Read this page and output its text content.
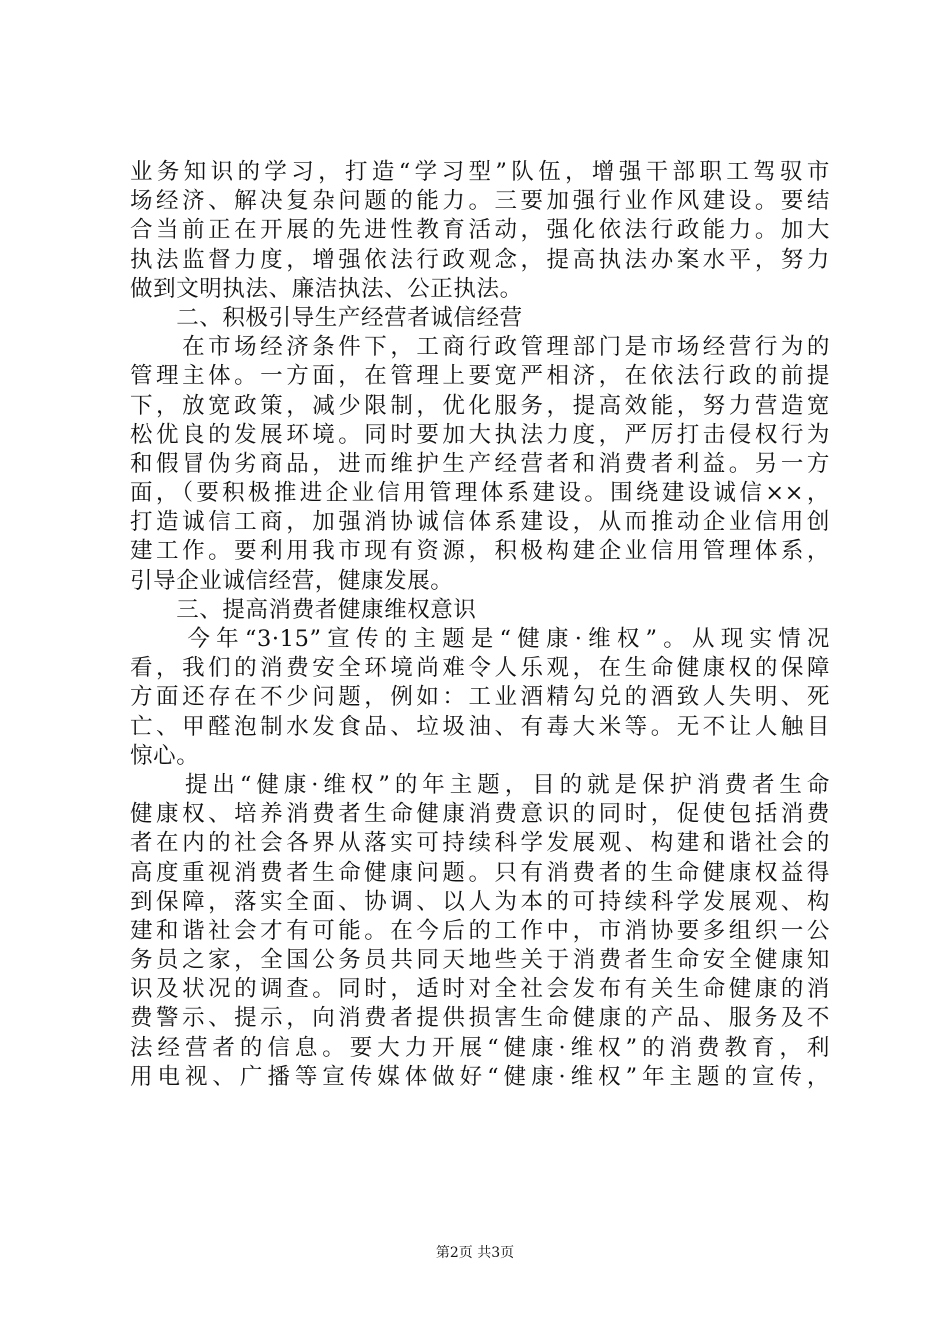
业务知识的学习，打造“学习型”队伍，增强干部职工驾驭市
场经济、解决复杂问题的能力。三要加强行业作风建设。要结
合当前正在开展的先进性教育活动，强化依法行政能力。加大
执法监督力度，增强依法行政观念，提高执法办案水平，努力
做到文明执法、廉洁执法、公正执法。
　　二、积极引导生产经营者诚信经营
　　在市场经济条件下，工商行政管理部门是市场经营行为的
管理主体。一方面，在管理上要宽严相济，在依法行政的前提
下，放宽政策，减少限制，优化服务，提高效能，努力营造宽
松优良的发展环境。同时要加大执法力度，严厉打击侵权行为
和假冒伪劣商品，进而维护生产经营者和消费者利益。另一方
面，（要积极推进企业信用管理体系建设。围绕建设诚信××，
打造诚信工商，加强消协诚信体系建设，从而推动企业信用创
建工作。要利用我市现有资源，积极构建企业信用管理体系，
引导企业诚信经营，健康发展。
　　三、提高消费者健康维权意识
　　今年“3·15”宣传的主题是“健康·维权”。从现实情况
看，我们的消费安全环境尚难令人乐观，在生命健康权的保障
方面还存在不少问题，例如：工业酒精勾兑的酒致人失明、死
亡、甲醛泡制水发食品、垃圾油、有毒大米等。无不让人触目
惊心。
　　提出“健康·维权”的年主题，目的就是保护消费者生命
健康权、培养消费者生命健康消费意识的同时，促使包括消费
者在内的社会各界从落实可持续科学发展观、构建和谐社会的
高度重视消费者生命健康问题。只有消费者的生命健康权益得
到保障，落实全面、协调、以人为本的可持续科学发展观、构
建和谐社会才有可能。在今后的工作中，市消协要多组织一公
务员之家，全国公务员共同天地些关于消费者生命安全健康知
识及状况的调查。同时，适时对全社会发布有关生命健康的消
费警示、提示，向消费者提供损害生命健康的产品、服务及不
法经营者的信息。要大力开展“健康·维权”的消费教育，利
用电视、广播等宣传媒体做好“健康·维权”年主题的宣传，
第2页 共3页
